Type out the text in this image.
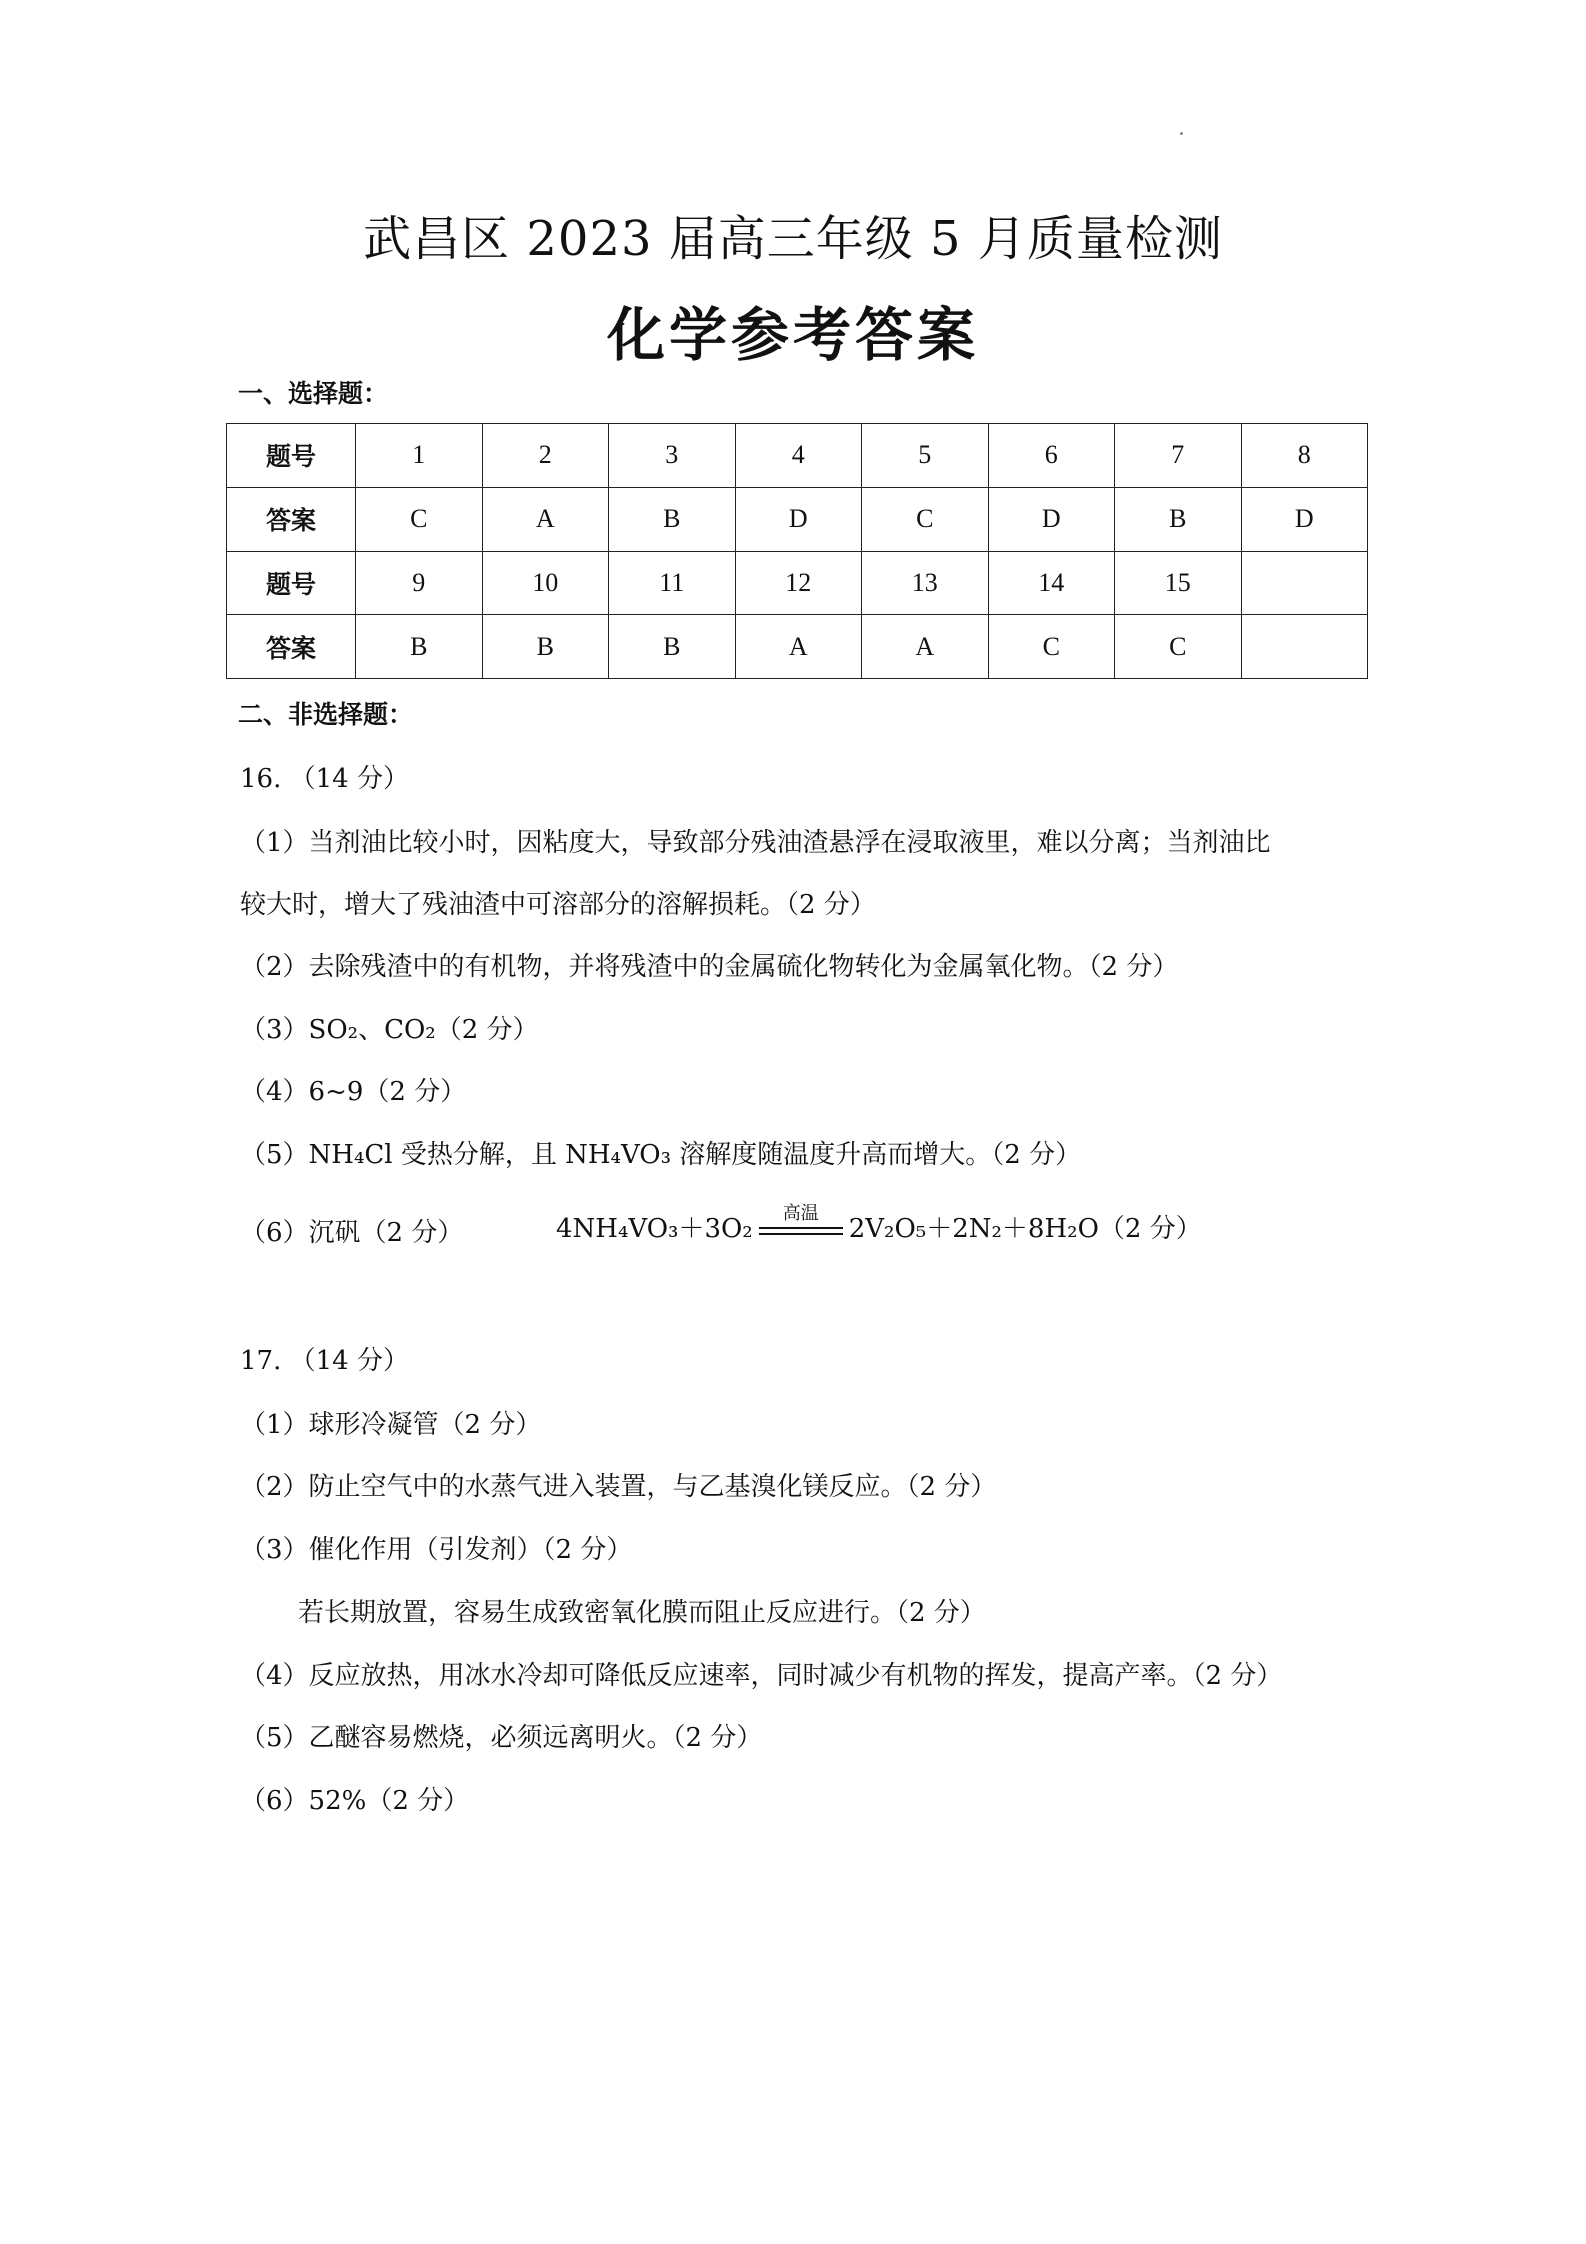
武昌区 2023 届高三年级 5 月质量检测
化学参考答案
一、选择题：
题号	1	2	3	4	5	6	7	8
答案	C	A	B	D	C	D	B	D
题号	9	10	11	12	13	14	15	
答案	B	B	B	A	A	C	C	
二、非选择题：
16. （14 分）
（1）当剂油比较小时，因粘度大，导致部分残油渣悬浮在浸取液里，难以分离；当剂油比
较大时，增大了残油渣中可溶部分的溶解损耗。（2 分）
（2）去除残渣中的有机物，并将残渣中的金属硫化物转化为金属氧化物。（2 分）
（3）SO₂、CO₂（2 分）
（4）6~9（2 分）
（5）NH₄Cl 受热分解，且 NH₄VO₃ 溶解度随温度升高而增大。（2 分）
（6）沉矾（2 分）	4NH₄VO₃＋3O₂
高温
2V₂O₅＋2N₂＋8H₂O（2 分）
17. （14 分）
（1）球形冷凝管（2 分）
（2）防止空气中的水蒸气进入装置，与乙基溴化镁反应。（2 分）
（3）催化作用（引发剂）（2 分）
若长期放置，容易生成致密氧化膜而阻止反应进行。（2 分）
（4）反应放热，用冰水冷却可降低反应速率，同时减少有机物的挥发，提高产率。（2 分）
（5）乙醚容易燃烧，必须远离明火。（2 分）
（6）52%（2 分）
